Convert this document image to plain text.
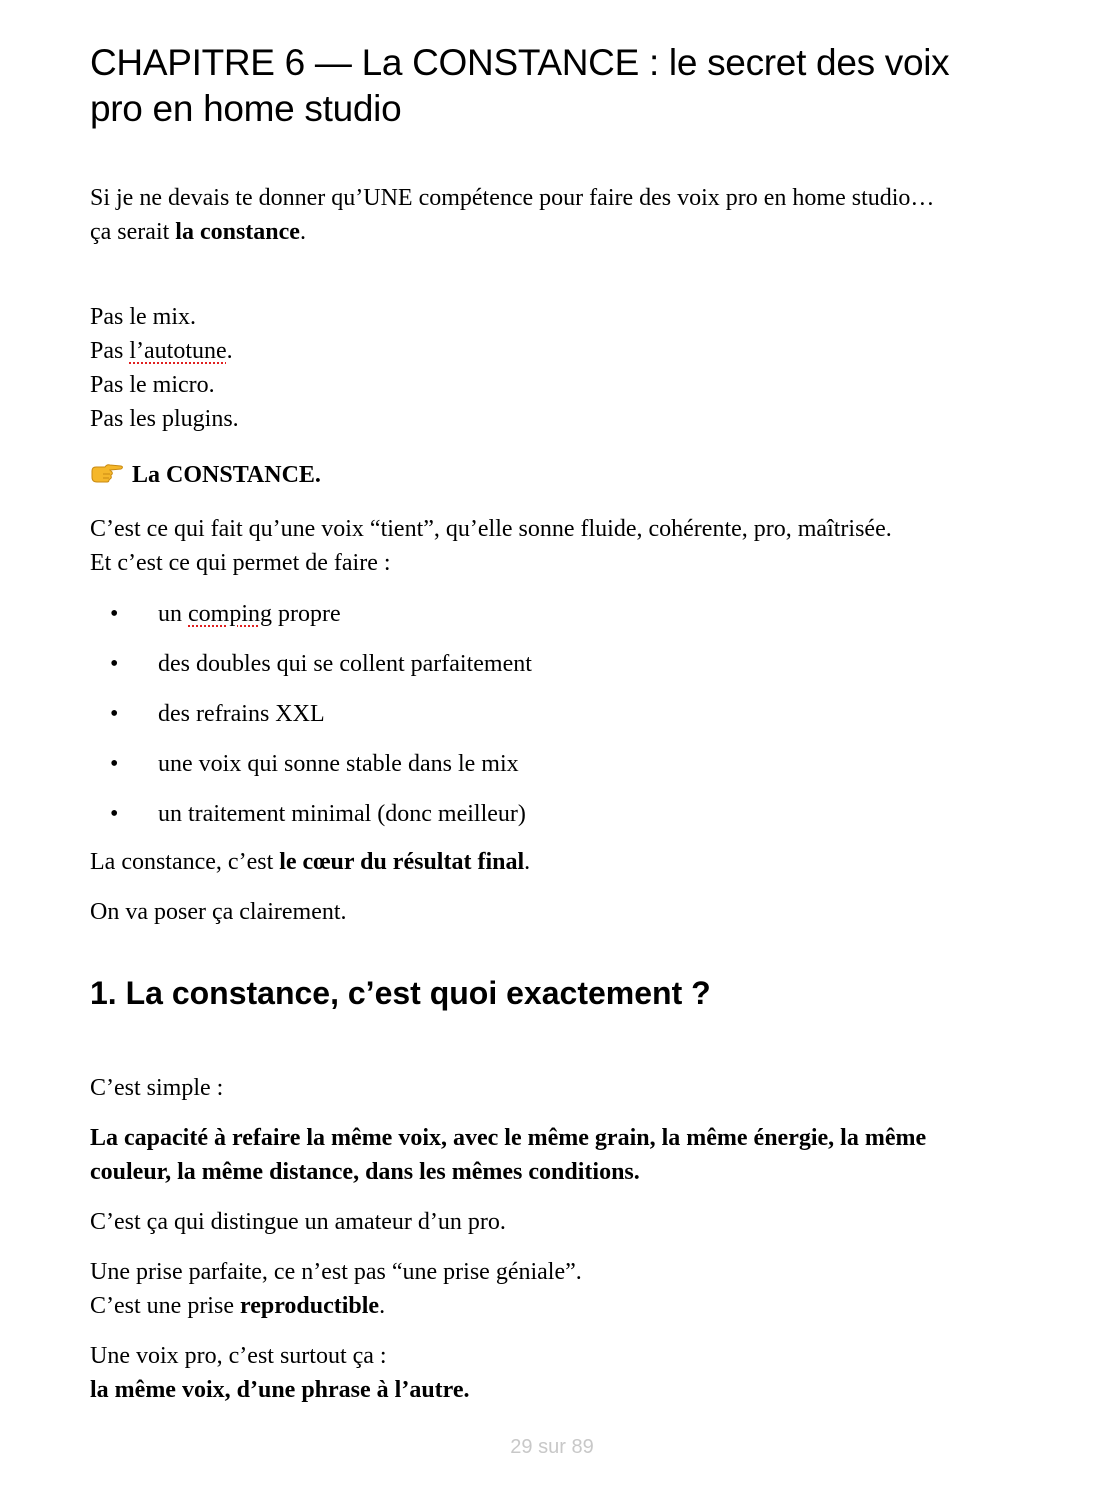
CHAPITRE 6 — La CONSTANCE : le secret des voix pro en home studio

Si je ne devais te donner qu’UNE compétence pour faire des voix pro en home studio…
ça serait la constance.

Pas le mix.
Pas l’autotune.
Pas le micro.
Pas les plugins.

La CONSTANCE.

C’est ce qui fait qu’une voix “tient”, qu’elle sonne fluide, cohérente, pro, maîtrisée.
Et c’est ce qui permet de faire :

• un comping propre
• des doubles qui se collent parfaitement
• des refrains XXL
• une voix qui sonne stable dans le mix
• un traitement minimal (donc meilleur)

La constance, c’est le cœur du résultat final.

On va poser ça clairement.

1. La constance, c’est quoi exactement ?

C’est simple :

La capacité à refaire la même voix, avec le même grain, la même énergie, la même couleur, la même distance, dans les mêmes conditions.

C’est ça qui distingue un amateur d’un pro.

Une prise parfaite, ce n’est pas “une prise géniale”.
C’est une prise reproductible.

Une voix pro, c’est surtout ça :
la même voix, d’une phrase à l’autre.

29 sur 89
